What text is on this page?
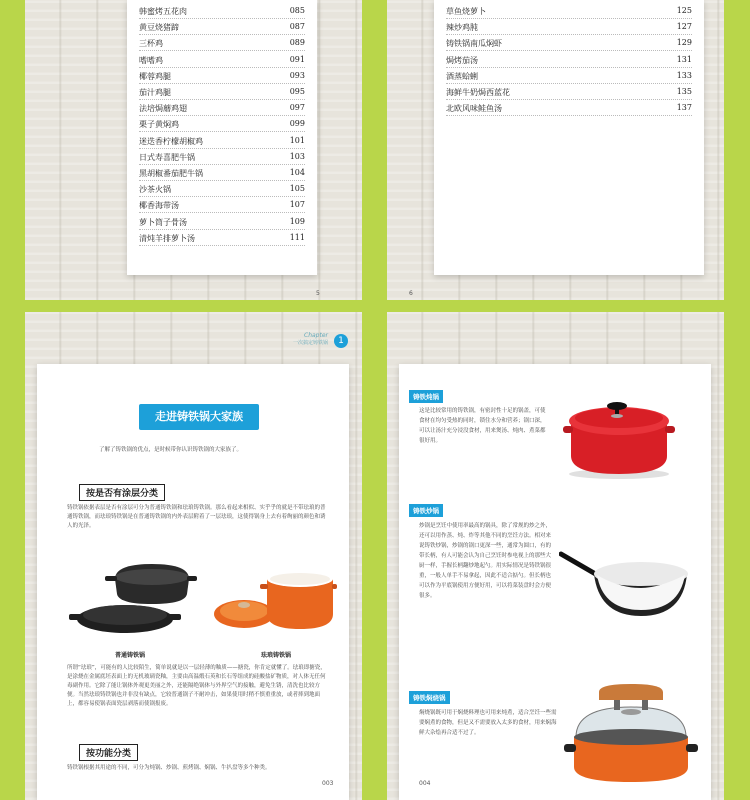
韩蜜烤五花肉	085
黄豆烧猪蹄	087
三杯鸡	089
嗜嗜鸡	091
椰蓉鸡腿	093
茄汁鸡腿	095
法培焗蘑鸡翅	097
栗子黄焖鸡	099
迷迭香柠檬胡椒鸡	101
日式寿喜肥牛锅	103
黑胡椒番茄肥牛锅	104
沙茶火锅	105
椰香海带汤	107
萝卜筒子骨汤	109
清炖羊排萝卜汤	111
5
草鱼烧萝卜	125
辣炒鸡肫	127
铸铁锅南瓜焖虾	129
焗烤茄汤	131
酒蒸蛤蜊	133
海鲜牛奶焗西蓝花	135
北欧风味鲑鱼汤	137
6
Chapter
一次搞定铸铁锅	1
走进铸铁锅大家族
了解了铸铁锅的优点，是时候带你认识铸铁锅的大家族了。
按是否有涂层分类
铸铁锅依据表层是否有涂层可分为普通铸铁锅和珐琅铸铁锅。那么看起来相似、实乎乎的就是不带珐琅的普通铸铁锅，而珐琅铸铁锅是在普通铸铁锅的内外表层附着了一层珐琅，这使得锅身上去有着绚丽的颜色和诱人的光泽。
普通铸铁锅	珐琅铸铁锅
所谓“珐琅”，可能有的人比较陌生，简单说就是以一层轻薄的釉质——搪瓷，你肯定就懂了。珐琅即搪瓷，是涂烧在金属底坯表面上的无机玻璃瓷釉，主要由高温煅石英和长石等组成的硅酸盐矿物质，对人体无任何毒副作用。它除了能让锅体外观更美丽之外，还能隔绝锅体与外界空气的接触，避免生锈，清洗也比较方便。当然珐琅铸铁锅也并非没有缺点，它较普通锅子不耐冲击，如果使用时稍不慎重重放，或者摔到地面上，都容易使锅表面瓷层剥落而使锅报废。
按功能分类
铸铁锅根据其用途的不同，可分为炖锅、炒锅、煎烤锅、焖锅、牛扒盘等多个种类。
003
铸铁炖锅
这是比较常用的铸铁锅，有密封性十足的锅盖，可使食材在均匀受热的同时，锁住水分和营养；锅口深，可以让汤汁充分浸没食材，用来煲汤、炖肉、煮菜都很好用。
铸铁炒锅
炒锅是烹饪中使用率最高的锅具，除了常规的炒之外，还可以用作蒸、炖、炸等其他不同的烹饪方法。相对来说铸铁炒锅，炒锅的锅口更深一些，通常为圆口，有的带长柄，有人可能会认为自己烹饪时参电视上的那些大厨一样，手握长柄翻炒地起勺。用实际情况是铸铁锅很重，一般人单手不易拿起，因此不适合掂勺。但长柄也可以作为平底锅使用方便好用，可以将菜装盘时会方便很多。
铸铁焖烧锅
焖烧锅既可用于焖烧料理也可用来炖煮，适合烹饪一些需要焖煮的食物，但是又不需要放入太多的食材，用来焖海鲜大杂烩再合适不过了。
004
